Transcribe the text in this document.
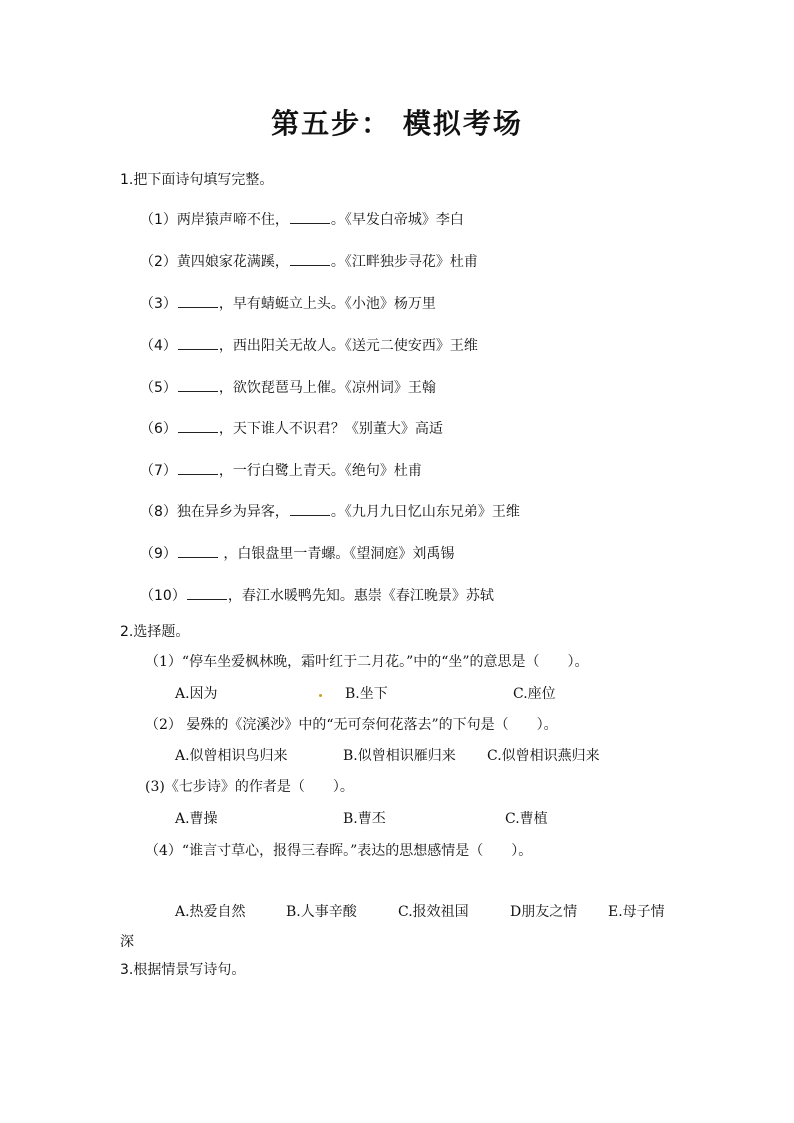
第五步： 模拟考场
1.把下面诗句填写完整。
（1）两岸猿声啼不住，	。《早发白帝城》李白
（2）黄四娘家花满蹊，	。《江畔独步寻花》杜甫
（3）	，早有蜻蜓立上头。《小池》杨万里
（4）	，西出阳关无故人。《送元二使安西》王维
（5）	，欲饮琵琶马上催。《凉州词》王翰
（6）	，天下谁人不识君？《别董大》高适
（7）	，一行白鹭上青天。《绝句》杜甫
（8）独在异乡为异客，	。《九月九日忆山东兄弟》王维
（9）	，白银盘里一青螺。《望洞庭》刘禹锡
（10）	，春江水暖鸭先知。惠崇《春江晚景》苏轼
2.选择题。
（1）“停车坐爱枫林晚，霜叶红于二月花。”中的“坐”的意思是（　　）。
A.因为	B.坐下	C.座位
（2） 晏殊的《浣溪沙》中的“无可奈何花落去”的下句是（　　）。
A.似曾相识鸟归来	B.似曾相识雁归来 C.似曾相识燕归来
(3)《七步诗》的作者是（　　）。
A.曹操	B.曹丕	C.曹植
（4）“谁言寸草心，报得三春晖。”表达的思想感情是（　　）。
A.热爱自然	B.人事辛酸	C.报效祖国	D朋友之情 E.母子情
深
3.根据情景写诗句。
